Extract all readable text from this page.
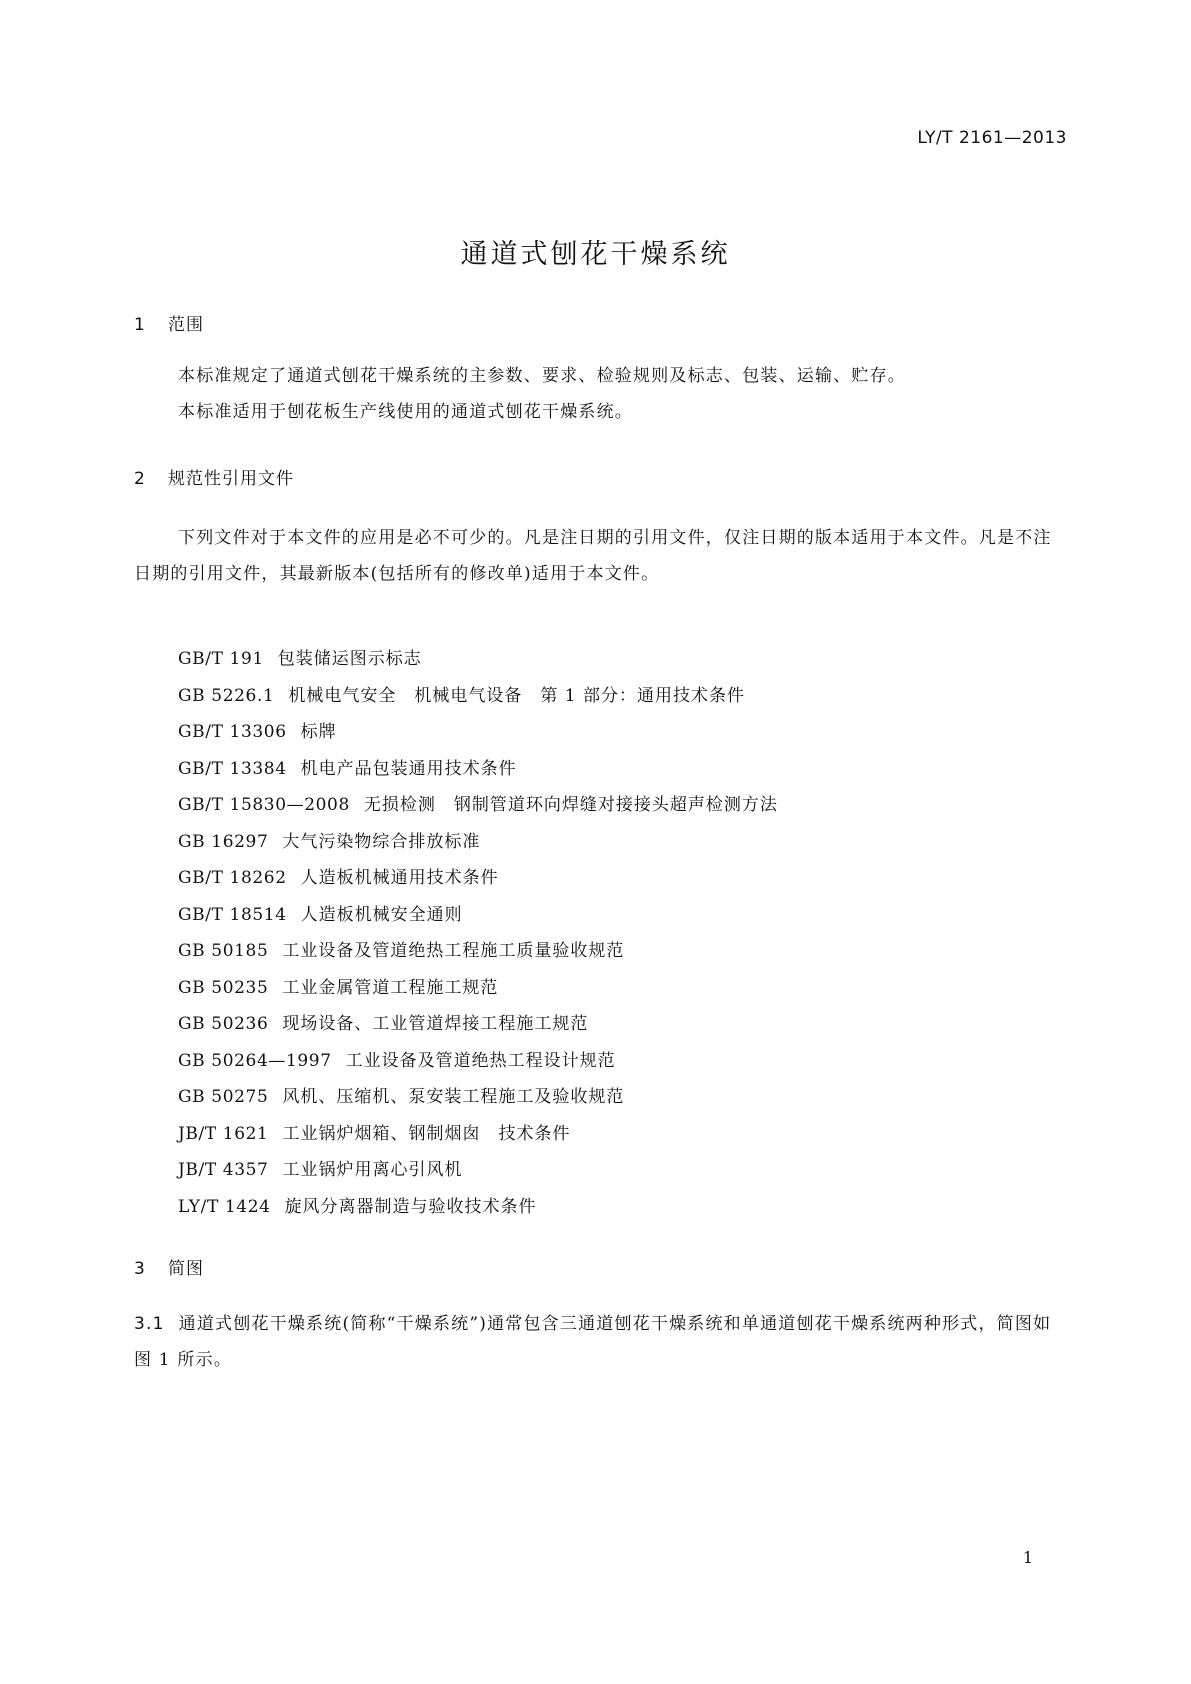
LY/T 2161—2013
通道式刨花干燥系统
1 范围
本标准规定了通道式刨花干燥系统的主参数、要求、检验规则及标志、包装、运输、贮存。
本标准适用于刨花板生产线使用的通道式刨花干燥系统。
2 规范性引用文件
下列文件对于本文件的应用是必不可少的。凡是注日期的引用文件，仅注日期的版本适用于本文件。凡是不注日期的引用文件，其最新版本(包括所有的修改单)适用于本文件。
GB/T 191 包装储运图示标志
GB 5226.1 机械电气安全　机械电气设备　第 1 部分：通用技术条件
GB/T 13306 标牌
GB/T 13384 机电产品包装通用技术条件
GB/T 15830—2008 无损检测　钢制管道环向焊缝对接接头超声检测方法
GB 16297 大气污染物综合排放标准
GB/T 18262 人造板机械通用技术条件
GB/T 18514 人造板机械安全通则
GB 50185 工业设备及管道绝热工程施工质量验收规范
GB 50235 工业金属管道工程施工规范
GB 50236 现场设备、工业管道焊接工程施工规范
GB 50264—1997 工业设备及管道绝热工程设计规范
GB 50275 风机、压缩机、泵安装工程施工及验收规范
JB/T 1621 工业锅炉烟箱、钢制烟囱　技术条件
JB/T 4357 工业锅炉用离心引风机
LY/T 1424 旋风分离器制造与验收技术条件
3 简图
3.1 通道式刨花干燥系统(简称“干燥系统”)通常包含三通道刨花干燥系统和单通道刨花干燥系统两种形式，简图如图 1 所示。
1
